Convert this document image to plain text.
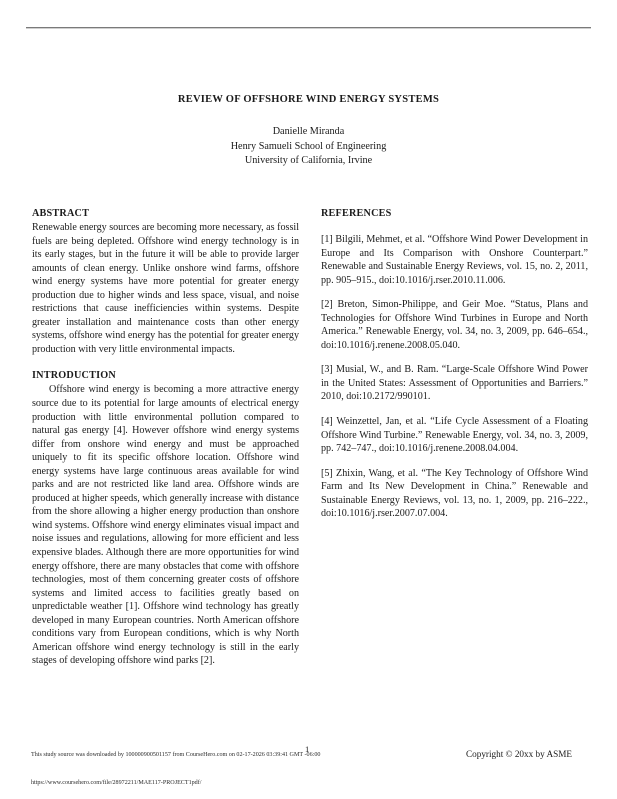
REVIEW OF OFFSHORE WIND ENERGY SYSTEMS
Danielle Miranda
Henry Samueli School of Engineering
University of California, Irvine
ABSTRACT

Renewable energy sources are becoming more necessary, as fossil fuels are being depleted. Offshore wind energy technology is in its early stages, but in the future it will be able to provide larger amounts of clean energy. Unlike onshore wind farms, offshore wind energy systems have more potential for greater energy production due to higher winds and less space, visual, and noise restrictions that cause inefficiencies within systems. Despite greater installation and maintenance costs than other energy systems, offshore wind energy has the potential for greater energy production with very little environmental impacts.

INTRODUCTION

Offshore wind energy is becoming a more attractive energy source due to its potential for large amounts of electrical energy production with little environmental pollution compared to natural gas energy [4]. However offshore wind energy systems differ from onshore wind energy and must be approached uniquely to fit its specific offshore location. Offshore wind energy systems have large continuous areas available for wind parks and are not restricted like land area. Offshore winds are produced at higher speeds, which generally increase with distance from the shore allowing a higher energy production than onshore wind systems. Offshore wind energy eliminates visual impact and noise issues and regulations, allowing for more efficient and less expensive blades. Although there are more opportunities for wind energy offshore, there are many obstacles that come with offshore technologies, most of them concerning greater costs of offshore systems and limited access to facilities greatly based on unpredictable weather [1]. Offshore wind technology has greatly developed in many European countries. North American offshore conditions vary from European conditions, which is why North American offshore wind energy technology is still in the early stages of developing offshore wind parks [2].

REFERENCES

[1] Bilgili, Mehmet, et al. “Offshore Wind Power Development in Europe and Its Comparison with Onshore Counterpart.” Renewable and Sustainable Energy Reviews, vol. 15, no. 2, 2011, pp. 905–915., doi:10.1016/j.rser.2010.11.006.

[2] Breton, Simon-Philippe, and Geir Moe. “Status, Plans and Technologies for Offshore Wind Turbines in Europe and North America.” Renewable Energy, vol. 34, no. 3, 2009, pp. 646–654., doi:10.1016/j.renene.2008.05.040.

[3] Musial, W., and B. Ram. “Large-Scale Offshore Wind Power in the United States: Assessment of Opportunities and Barriers.” 2010, doi:10.2172/990101.

[4] Weinzettel, Jan, et al. “Life Cycle Assessment of a Floating Offshore Wind Turbine.” Renewable Energy, vol. 34, no. 3, 2009, pp. 742–747., doi:10.1016/j.renene.2008.04.004.

[5] Zhixin, Wang, et al. “The Key Technology of Offshore Wind Farm and Its New Development in China.” Renewable and Sustainable Energy Reviews, vol. 13, no. 1, 2009, pp. 216–222., doi:10.1016/j.rser.2007.07.004.

1
This study source was downloaded by 100000900501157 from CourseHero.com on 02-17-2026 03:39:41 GMT -06:00	Copyright © 20xx by ASME
https://www.coursehero.com/file/28972211/MAE117-PROJECT1pdf/
